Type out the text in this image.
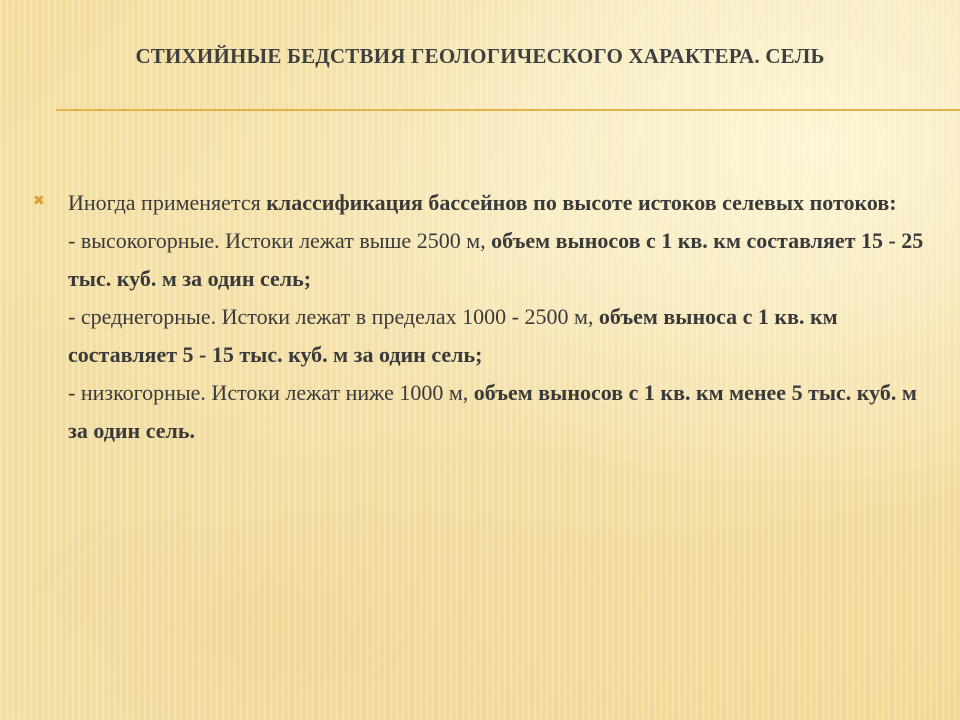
СТИХИЙНЫЕ БЕДСТВИЯ ГЕОЛОГИЧЕСКОГО ХАРАКТЕРА. СЕЛЬ
✖ Иногда применяется классификация бассейнов по высоте истоков селевых потоков:

- высокогорные. Истоки лежат выше 2500 м, объем выносов с 1 кв. км составляет 15 - 25 тыс. куб. м за один сель;

- среднегорные. Истоки лежат в пределах 1000 - 2500 м, объем выноса с 1 кв. км составляет 5 - 15 тыс. куб. м за один сель;

- низкогорные. Истоки лежат ниже 1000 м, объем выносов с 1 кв. км менее 5 тыс. куб. м за один сель.
